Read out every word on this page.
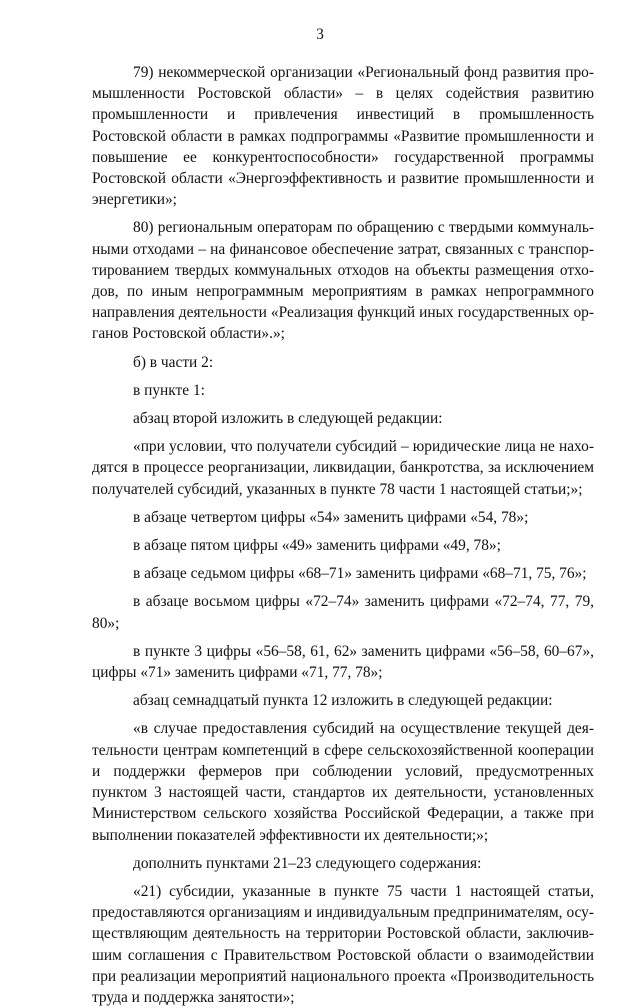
3

79) некоммерческой организации «Региональный фонд развития промышленности Ростовской области» – в целях содействия развитию промышленности и привлечения инвестиций в промышленность Ростовской области в рамках подпрограммы «Развитие промышленности и повышение ее конкурентоспособности» государственной программы Ростовской области «Энергоэффективность и развитие промышленности и энергетики»;

80) региональным операторам по обращению с твердыми коммунальными отходами – на финансовое обеспечение затрат, связанных с транспортированием твердых коммунальных отходов на объекты размещения отходов, по иным непрограммным мероприятиям в рамках непрограммного направления деятельности «Реализация функций иных государственных органов Ростовской области».»;

б) в части 2:

в пункте 1:

абзац второй изложить в следующей редакции:

«при условии, что получатели субсидий – юридические лица не находятся в процессе реорганизации, ликвидации, банкротства, за исключением получателей субсидий, указанных в пункте 78 части 1 настоящей статьи;»;

в абзаце четвертом цифры «54» заменить цифрами «54, 78»;

в абзаце пятом цифры «49» заменить цифрами «49, 78»;

в абзаце седьмом цифры «68–71» заменить цифрами «68–71, 75, 76»;

в абзаце восьмом цифры «72–74» заменить цифрами «72–74, 77, 79, 80»;

в пункте 3 цифры «56–58, 61, 62» заменить цифрами «56–58, 60–67», цифры «71» заменить цифрами «71, 77, 78»;

абзац семнадцатый пункта 12 изложить в следующей редакции:

«в случае предоставления субсидий на осуществление текущей деятельности центрам компетенций в сфере сельскохозяйственной кооперации и поддержки фермеров при соблюдении условий, предусмотренных пунктом 3 настоящей части, стандартов их деятельности, установленных Министерством сельского хозяйства Российской Федерации, а также при выполнении показателей эффективности их деятельности;»;

дополнить пунктами 21–23 следующего содержания:

«21) субсидии, указанные в пункте 75 части 1 настоящей статьи, предоставляются организациям и индивидуальным предпринимателям, осуществляющим деятельность на территории Ростовской области, заключившим соглашения с Правительством Ростовской области о взаимодействии при реализации мероприятий национального проекта «Производительность труда и поддержка занятости»;
